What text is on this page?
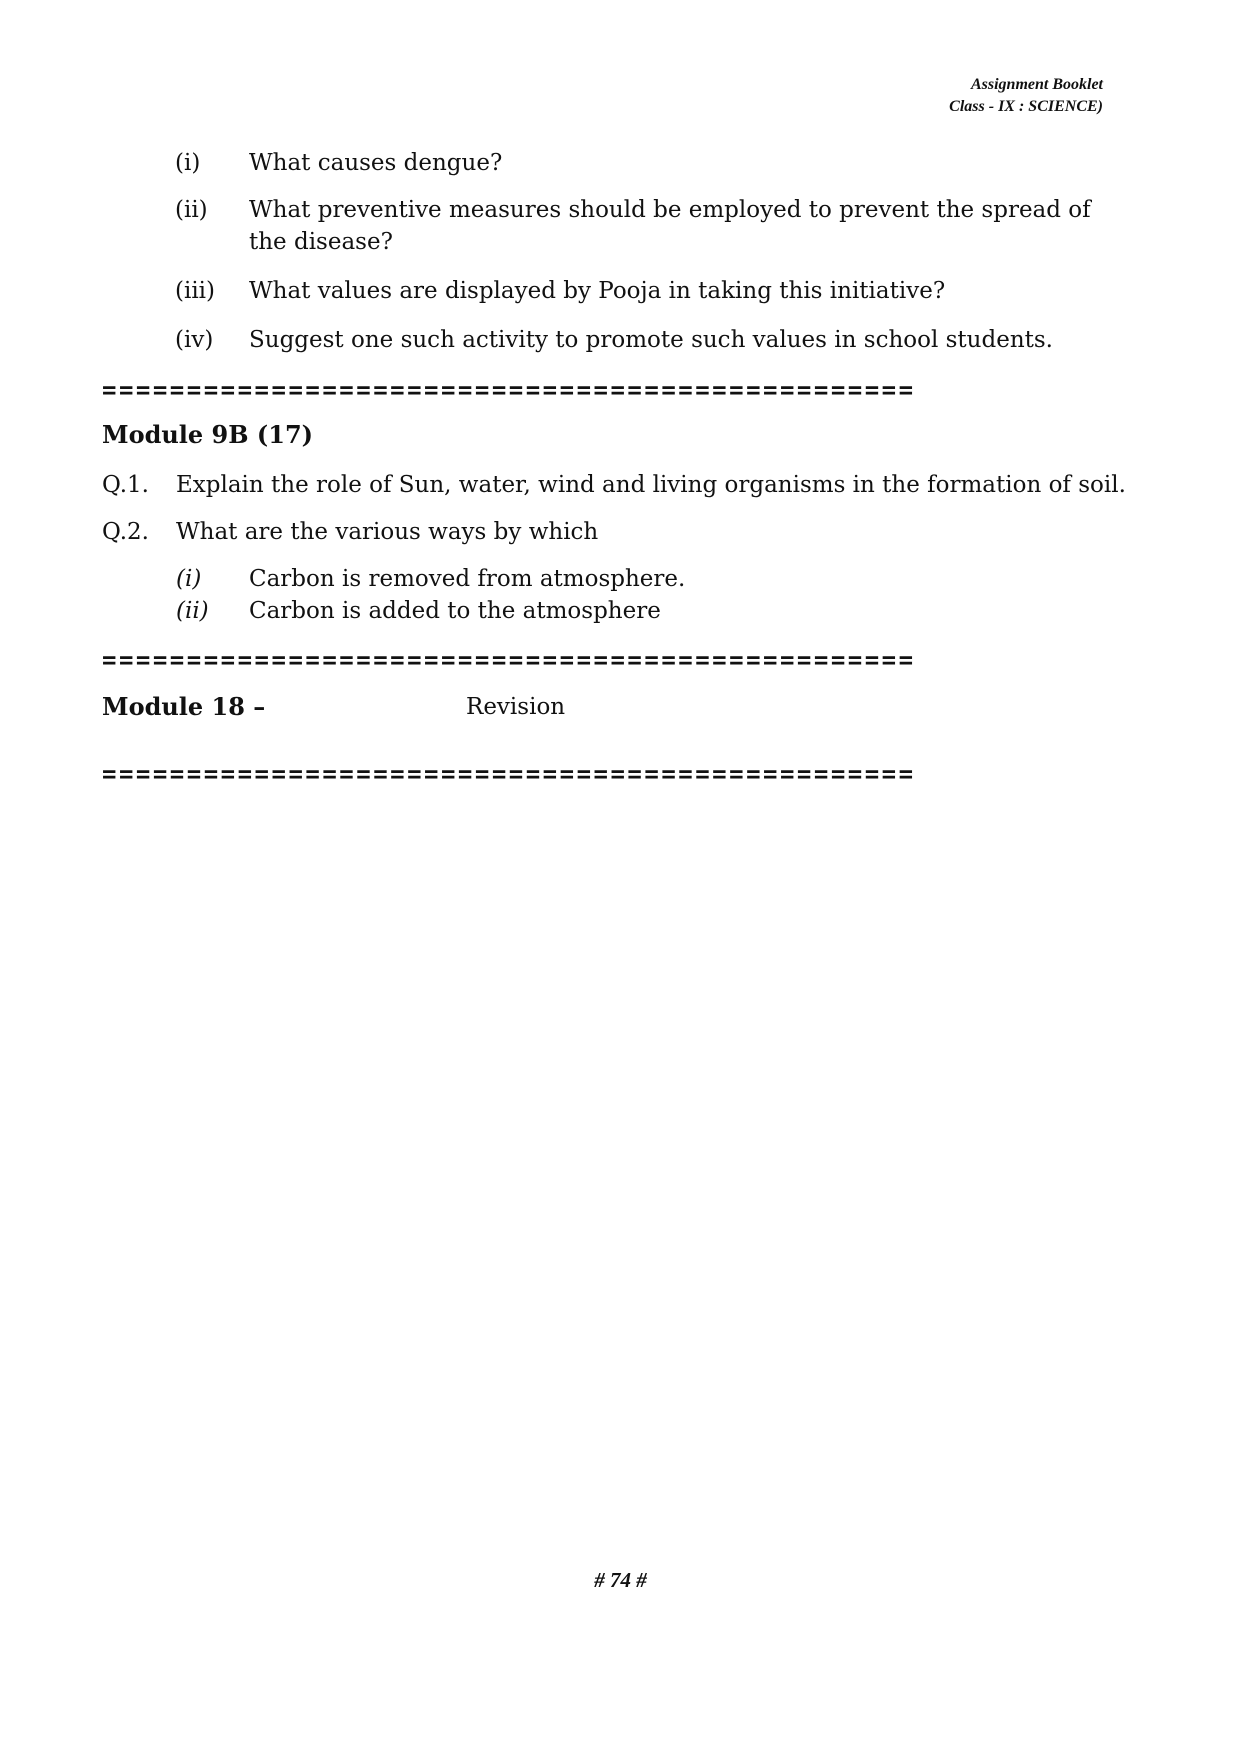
Assignment Booklet
Class - IX : SCIENCE)
(i) What causes dengue?
(ii) What preventive measures should be employed to prevent the spread of the disease?
(iii) What values are displayed by Pooja in taking this initiative?
(iv) Suggest one such activity to promote such values in school students.
================================================
Module 9B (17)
Q.1. Explain the role of Sun, water, wind and living organisms in the formation of soil.
Q.2. What are the various ways by which
(i) Carbon is removed from atmosphere.
(ii) Carbon is added to the atmosphere
================================================
Module 18 –	Revision
================================================
# 74 #
